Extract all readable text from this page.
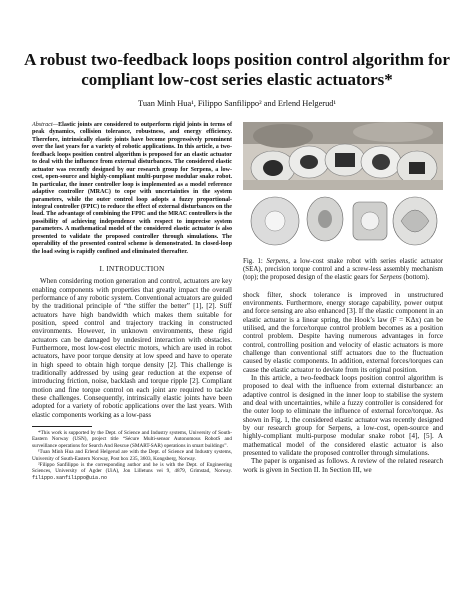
A robust two-feedback loops position control algorithm for compliant low-cost series elastic actuators*
Tuan Minh Hua¹, Filippo Sanfilippo² and Erlend Helgerud¹

Abstract—Elastic joints are considered to outperform rigid joints in terms of peak dynamics, collision tolerance, robustness, and energy efficiency. Therefore, intrinsically elastic joints have become progressively prominent over the last years for a variety of robotic applications. In this article, a two-feedback loops position control algorithm is proposed for an elastic actuator to deal with the influence from external disturbances. The considered elastic actuator was recently designed by our research group for Serpens, a low-cost, open-source and highly-compliant multi-purpose modular snake robot. In particular, the inner controller loop is implemented as a model reference adaptive controller (MRAC) to cope with uncertainties in the system parameters, while the outer control loop adopts a fuzzy proportional-integral controller (FPIC) to reduce the effect of external disturbances on the load. The advantage of combining the FPIC and the MRAC controllers is the possibility of achieving independence with respect to imprecise system parameters. A mathematical model of the considered elastic actuator is also presented to validate the proposed controller through simulations. The operability of the presented control scheme is demonstrated. In closed-loop the load swing is rapidly confined and eliminated thereafter.

I. INTRODUCTION

When considering motion generation and control, actuators are key enabling components with properties that greatly impact the overall performance of any robotic system. Conventional actuators are guided by the traditional principle of “the stiffer the better” [1], [2]. Stiff actuators have high bandwidth which makes them suitable for position, speed control and trajectory tracking in constructed environments. However, in unknown environments, these rigid actuators can be damaged by undesired interaction with obstacles. Furthermore, most low-cost electric motors, which are used in robot actuators, have poor torque density at low speed and have to operate in high speed to obtain high torque density [2]. This challenge is traditionally addressed by using gear reduction at the expense of introducing friction, noise, backlash and torque ripple [2]. Compliant motion and fine torque control on each joint are required to tackle these challenges. Consequently, intrinsically elastic joints have been adopted for a variety of robotic applications over the last years. With elastic components working as a low-pass

*This work is supported by the Dept. of Science and Industry systems, University of South-Eastern Norway (USN), project title “Sécure Multi-sensor Autonomous RobotS and surveillance operations for Search And Rescue (SMART-SAR) operations in smart buildings”.

¹Tuan Minh Hua and Erlend Helgerud are with the Dept. of Science and Industry systems, University of South-Eastern Norway, Post box 235, 3603, Kongsberg, Norway.

²Filippo Sanfilippo is the corresponding author and he is with the Dept. of Engineering Sciences, University of Agder (UiA), Jon Lilletuns vei 9, 4879, Grimstad, Norway. filippo.sanfilippo@uia.no

Fig. 1: Serpens, a low-cost snake robot with series elastic actuator (SEA), precision torque control and a screw-less assembly mechanism (top); the proposed design of the elastic gears for Serpens (bottom).

shock filter, shock tolerance is improved in unstructured environments. Furthermore, energy storage capability, power output and force sensing are also enhanced [3]. If the elastic component in an elastic actuator is a linear spring, the Hook’s law (F = KΔx) can be utilised, and the force/torque control problem becomes as a position control problem. Despite having numerous advantages in force control, controlling position and velocity of elastic actuators is more challenge than conventional stiff actuators due to the fluctuation caused by elastic components. In addition, external forces/torques can cause the elastic actuator to deviate from its original position.

In this article, a two-feedback loops position control algorithm is proposed to deal with the influence from external disturbance: an adaptive control is designed in the inner loop to stabilise the system and deal with uncertainties, while a fuzzy controller is considered for the outer loop to eliminate the influence of external force/torque. As shown in Fig. 1, the considered elastic actuator was recently designed by our research group for Serpens, a low-cost, open-source and highly-compliant multi-purpose modular snake robot [4], [5]. A mathematical model of the considered elastic actuator is also presented to validate the proposed controller through simulations.

The paper is organised as follows. A review of the related research work is given in Section II. In Section III, we
